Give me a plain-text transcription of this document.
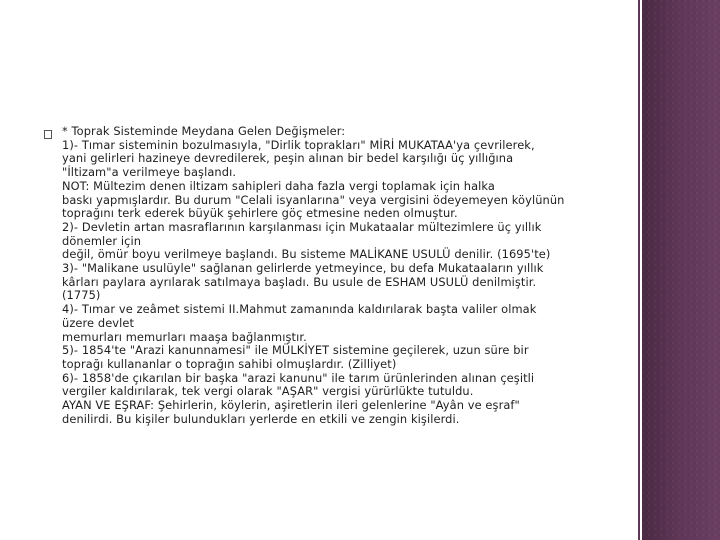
* Toprak Sisteminde Meydana Gelen Değişmeler:
1)- Tımar sisteminin bozulmasıyla, "Dirlik toprakları" MİRİ MUKATAA'ya çevrilerek,
yani gelirleri hazineye devredilerek, peşin alınan bir bedel karşılığı üç yıllığına
"İltizam"a verilmeye başlandı.
NOT: Mültezim denen iltizam sahipleri daha fazla vergi toplamak için halka
baskı yapmışlardır. Bu durum "Celali isyanlarına" veya vergisini ödeyemeyen köylünün
toprağını terk ederek büyük şehirlere göç etmesine neden olmuştur.
2)- Devletin artan masraflarının karşılanması için Mukataalar mültezimlere üç yıllık
dönemler için
değil, ömür boyu verilmeye başlandı. Bu sisteme MALİKANE USULÜ denilir. (1695'te)
3)- "Malikane usulüyle" sağlanan gelirlerde yetmeyince, bu defa Mukataaların yıllık
kârları paylara ayrılarak satılmaya başladı. Bu usule de ESHAM USULÜ denilmiştir.
(1775)
4)- Tımar ve zeâmet sistemi II.Mahmut zamanında kaldırılarak başta valiler olmak
üzere devlet
memurları memurları maaşa bağlanmıştır.
5)- 1854'te "Arazi kanunnamesi" ile MÜLKİYET sistemine geçilerek, uzun süre bir
toprağı kullananlar o toprağın sahibi olmuşlardır. (Zilliyet)
6)- 1858'de çıkarılan bir başka "arazi kanunu" ile tarım ürünlerinden alınan çeşitli
vergiler kaldırılarak, tek vergi olarak "AŞAR" vergisi yürürlükte tutuldu.
AYAN VE EŞRAF: Şehirlerin, köylerin, aşiretlerin ileri gelenlerine "Ayân ve eşraf"
denilirdi. Bu kişiler bulundukları yerlerde en etkili ve zengin kişilerdi.
